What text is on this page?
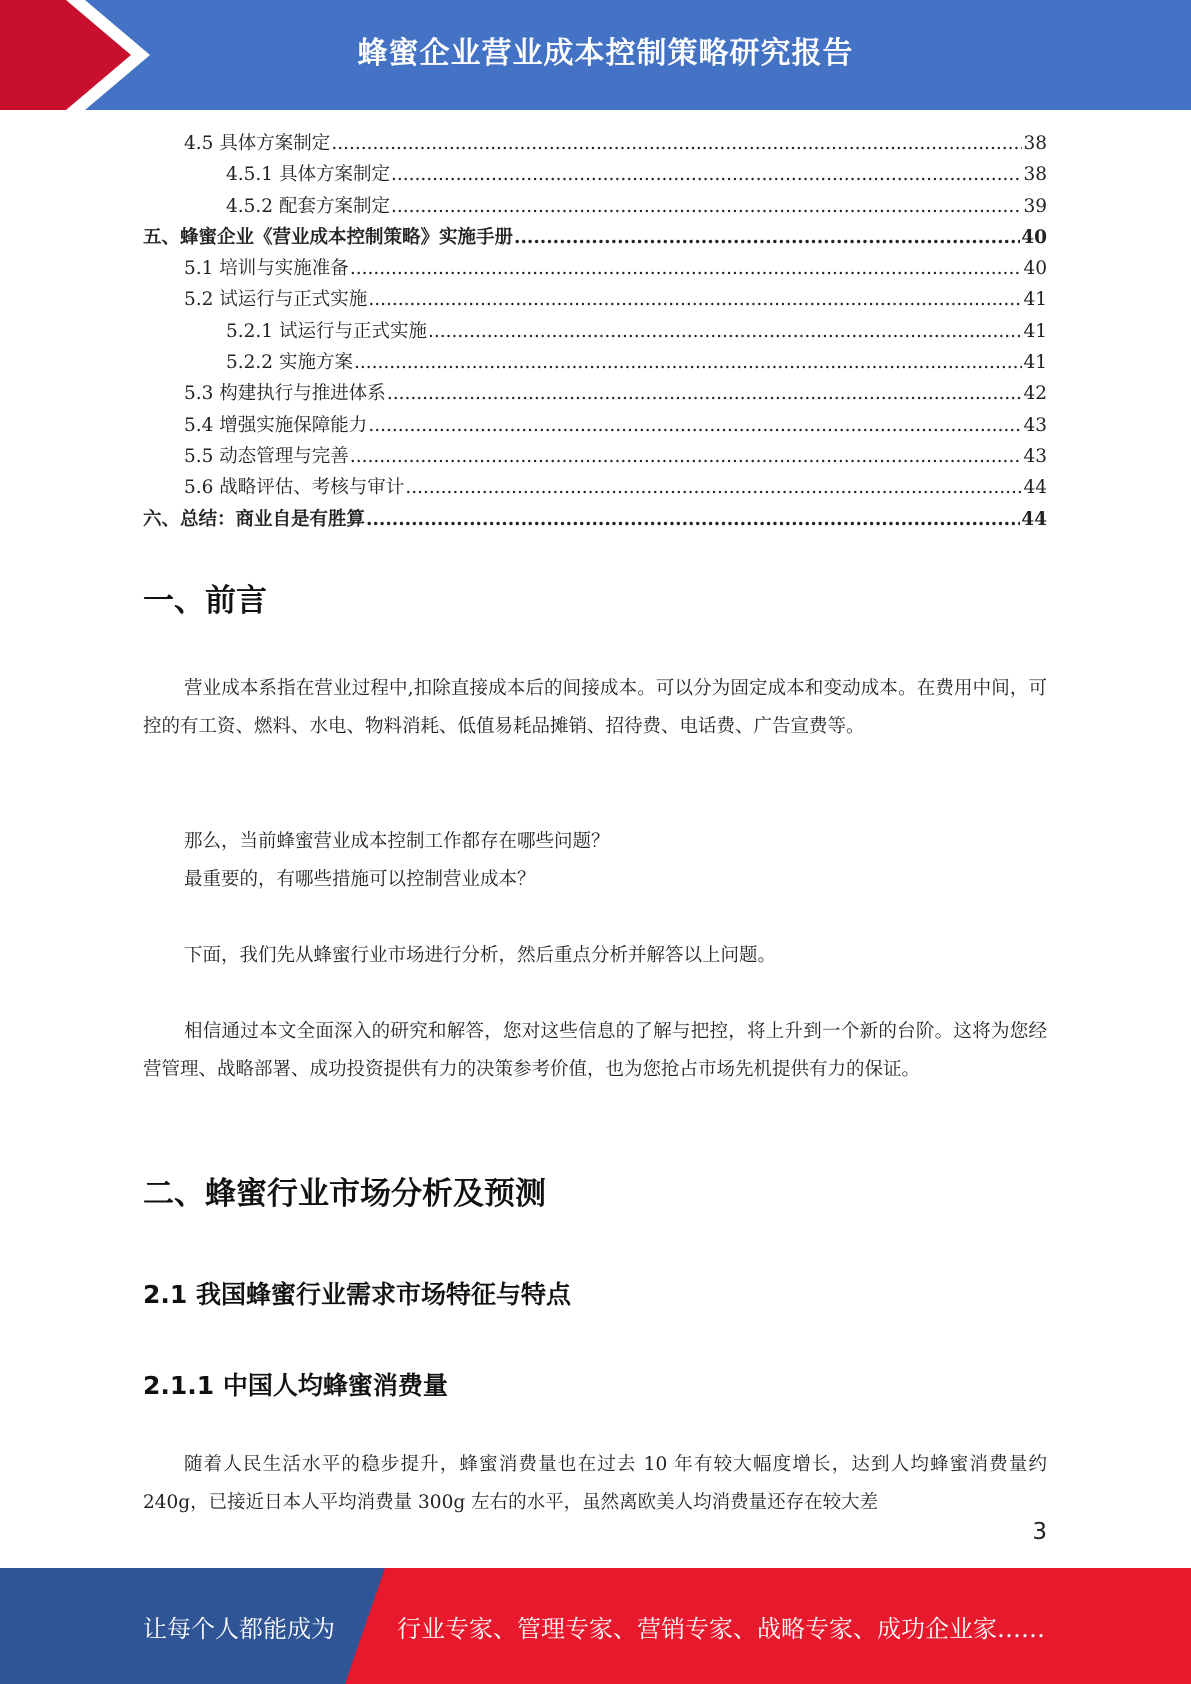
蜂蜜企业营业成本控制策略研究报告
4.5 具体方案制定 .....	38
4.5.1 具体方案制定 .....	38
4.5.2 配套方案制定 .....	39
五、蜂蜜企业《营业成本控制策略》实施手册 .....	40
5.1 培训与实施准备 .....	40
5.2 试运行与正式实施 .....	41
5.2.1 试运行与正式实施 .....	41
5.2.2 实施方案 .....	41
5.3 构建执行与推进体系 .....	42
5.4 增强实施保障能力 .....	43
5.5 动态管理与完善 .....	43
5.6 战略评估、考核与审计 .....	44
六、总结：商业自是有胜算 .....	44
一、前言

营业成本系指在营业过程中,扣除直接成本后的间接成本。可以分为固定成本和变动成本。在费用中间，可控的有工资、燃料、水电、物料消耗、低值易耗品摊销、招待费、电话费、广告宣费等。

那么，当前蜂蜜营业成本控制工作都存在哪些问题？

最重要的，有哪些措施可以控制营业成本？

下面，我们先从蜂蜜行业市场进行分析，然后重点分析并解答以上问题。

相信通过本文全面深入的研究和解答，您对这些信息的了解与把控，将上升到一个新的台阶。这将为您经营管理、战略部署、成功投资提供有力的决策参考价值，也为您抢占市场先机提供有力的保证。

二、蜂蜜行业市场分析及预测
2.1 我国蜂蜜行业需求市场特征与特点
2.1.1 中国人均蜂蜜消费量

随着人民生活水平的稳步提升，蜂蜜消费量也在过去 10 年有较大幅度增长，达到人均蜂蜜消费量约 240g，已接近日本人平均消费量 300g 左右的水平，虽然离欧美人均消费量还存在较大差

3
让每个人都能成为	行业专家、管理专家、营销专家、战略专家、成功企业家……
